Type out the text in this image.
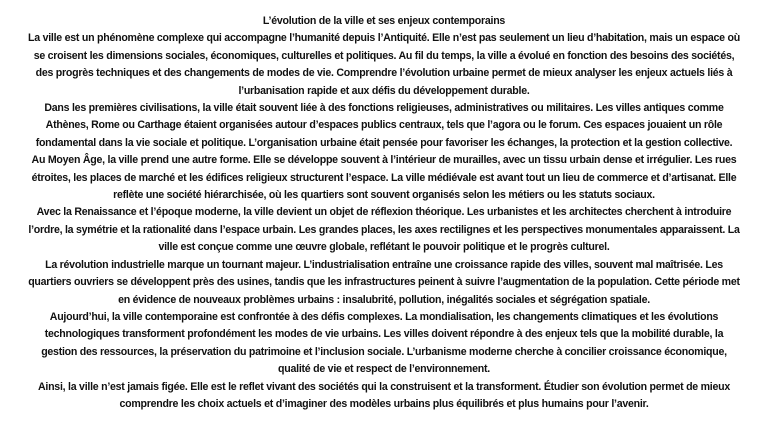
L’évolution de la ville et ses enjeux contemporains

La ville est un phénomène complexe qui accompagne l’humanité depuis l’Antiquité. Elle n’est pas seulement un lieu d’habitation, mais un espace où se croisent les dimensions sociales, économiques, culturelles et politiques. Au fil du temps, la ville a évolué en fonction des besoins des sociétés, des progrès techniques et des changements de modes de vie. Comprendre l’évolution urbaine permet de mieux analyser les enjeux actuels liés à l’urbanisation rapide et aux défis du développement durable.

Dans les premières civilisations, la ville était souvent liée à des fonctions religieuses, administratives ou militaires. Les villes antiques comme Athènes, Rome ou Carthage étaient organisées autour d’espaces publics centraux, tels que l’agora ou le forum. Ces espaces jouaient un rôle fondamental dans la vie sociale et politique. L’organisation urbaine était pensée pour favoriser les échanges, la protection et la gestion collective.

Au Moyen Âge, la ville prend une autre forme. Elle se développe souvent à l’intérieur de murailles, avec un tissu urbain dense et irrégulier. Les rues étroites, les places de marché et les édifices religieux structurent l’espace. La ville médiévale est avant tout un lieu de commerce et d’artisanat. Elle reflète une société hiérarchisée, où les quartiers sont souvent organisés selon les métiers ou les statuts sociaux.

Avec la Renaissance et l’époque moderne, la ville devient un objet de réflexion théorique. Les urbanistes et les architectes cherchent à introduire l’ordre, la symétrie et la rationalité dans l’espace urbain. Les grandes places, les axes rectilignes et les perspectives monumentales apparaissent. La ville est conçue comme une œuvre globale, reflétant le pouvoir politique et le progrès culturel.

La révolution industrielle marque un tournant majeur. L’industrialisation entraîne une croissance rapide des villes, souvent mal maîtrisée. Les quartiers ouvriers se développent près des usines, tandis que les infrastructures peinent à suivre l’augmentation de la population. Cette période met en évidence de nouveaux problèmes urbains : insalubrité, pollution, inégalités sociales et ségrégation spatiale.

Aujourd’hui, la ville contemporaine est confrontée à des défis complexes. La mondialisation, les changements climatiques et les évolutions technologiques transforment profondément les modes de vie urbains. Les villes doivent répondre à des enjeux tels que la mobilité durable, la gestion des ressources, la préservation du patrimoine et l’inclusion sociale. L’urbanisme moderne cherche à concilier croissance économique, qualité de vie et respect de l’environnement.

Ainsi, la ville n’est jamais figée. Elle est le reflet vivant des sociétés qui la construisent et la transforment. Étudier son évolution permet de mieux comprendre les choix actuels et d’imaginer des modèles urbains plus équilibrés et plus humains pour l’avenir.
